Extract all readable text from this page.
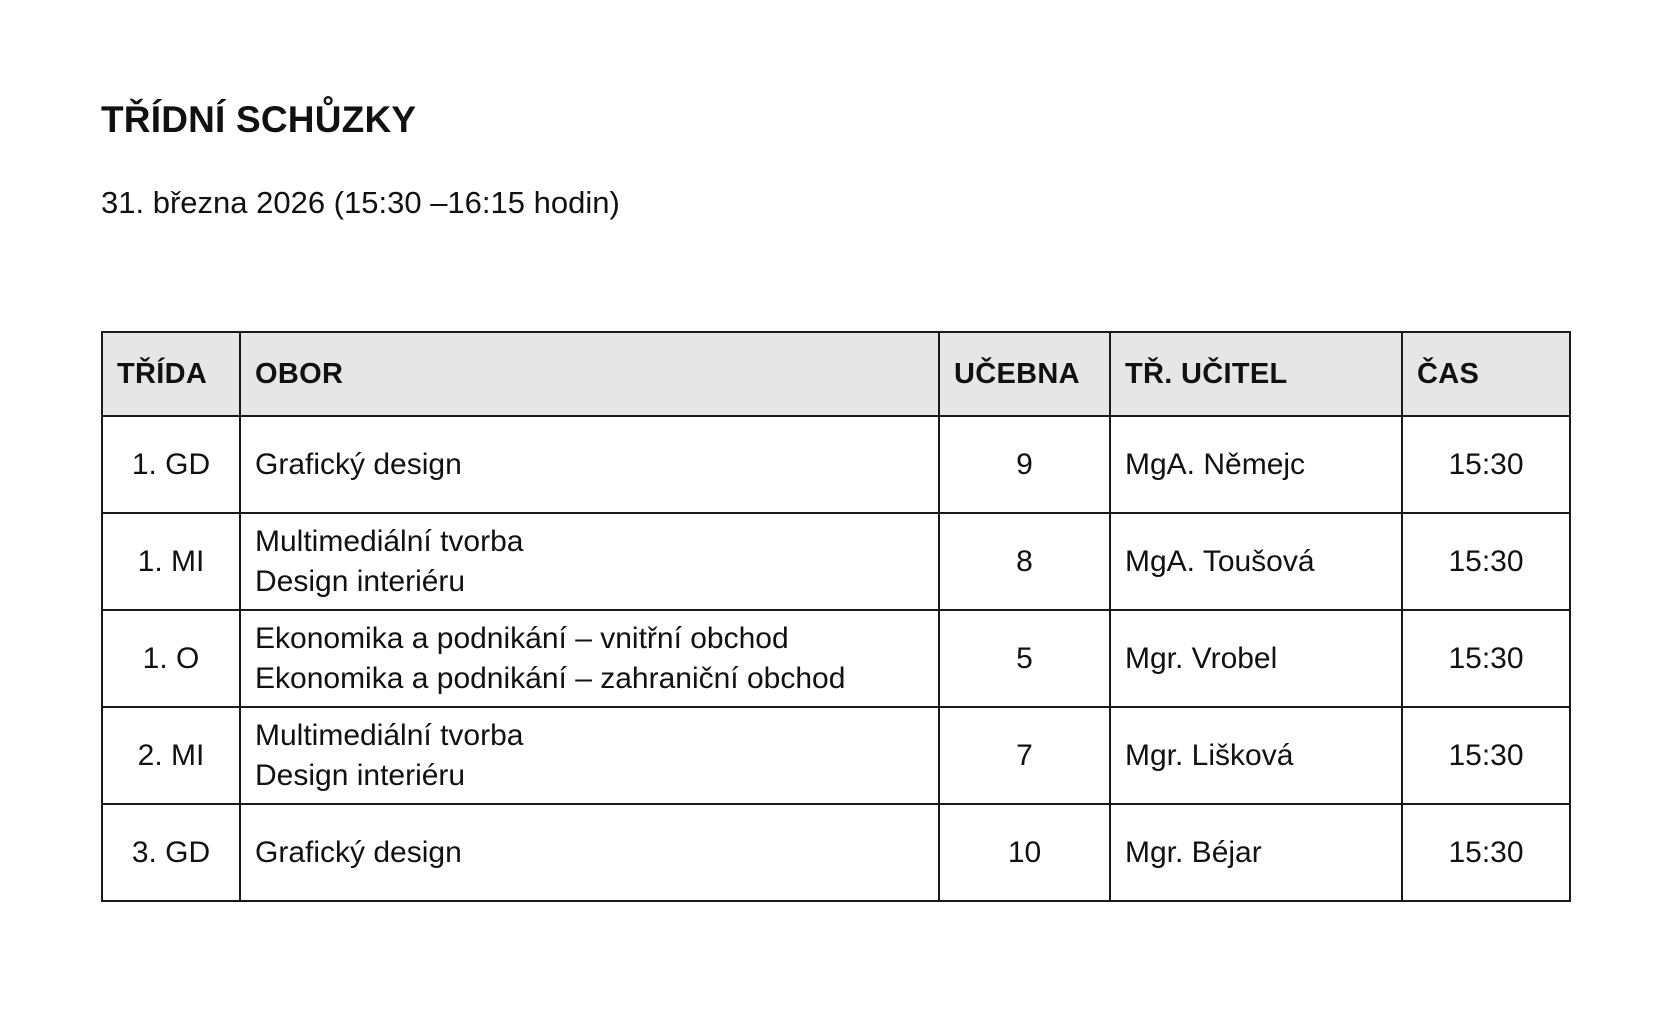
TŘÍDNÍ SCHŮZKY

31. března 2026 (15:30 –16:15 hodin)

TŘÍDA	OBOR	UČEBNA	TŘ. UČITEL	ČAS
1. GD	Grafický design	9	MgA. Němejc	15:30
1. MI	Multimediální tvorba
Design interiéru	8	MgA. Toušová	15:30
1. O	Ekonomika a podnikání – vnitřní obchod
Ekonomika a podnikání – zahraniční obchod	5	Mgr. Vrobel	15:30
2. MI	Multimediální tvorba
Design interiéru	7	Mgr. Lišková	15:30
3. GD	Grafický design	10	Mgr. Béjar	15:30
